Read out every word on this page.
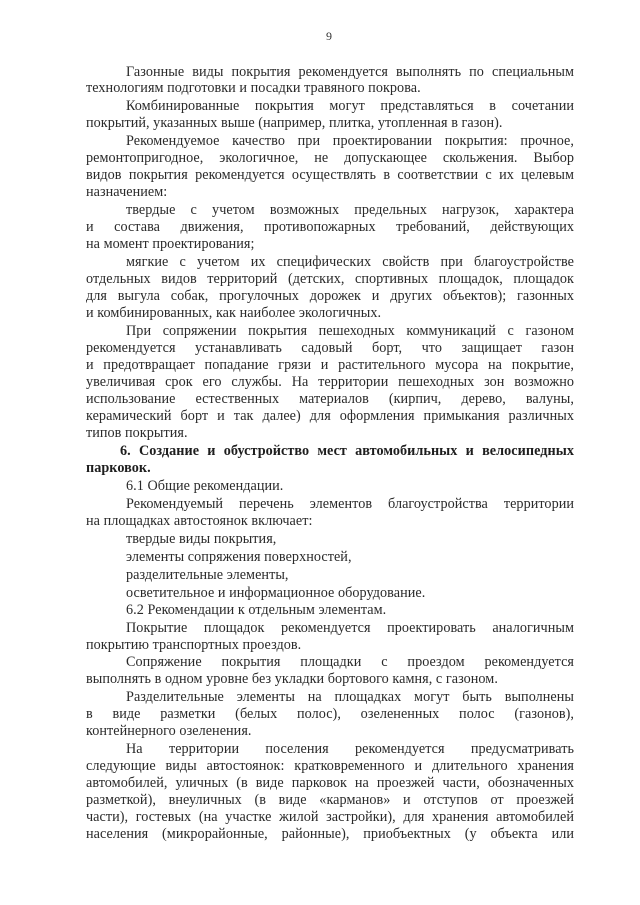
9
Газонные виды покрытия рекомендуется выполнять по специальным
технологиям подготовки и посадки травяного покрова.
Комбинированные покрытия могут представляться в сочетании
покрытий, указанных выше (например, плитка, утопленная в газон).
Рекомендуемое качество при проектировании покрытия: прочное,
ремонтопригодное, экологичное, не допускающее скольжения. Выбор
видов покрытия рекомендуется осуществлять в соответствии с их целевым
назначением:
твердые с учетом возможных предельных нагрузок, характера
и состава движения, противопожарных требований, действующих
на момент проектирования;
мягкие с учетом их специфических свойств при благоустройстве
отдельных видов территорий (детских, спортивных площадок, площадок
для выгула собак, прогулочных дорожек и других объектов); газонных
и комбинированных, как наиболее экологичных.
При сопряжении покрытия пешеходных коммуникаций с газоном
рекомендуется устанавливать садовый борт, что защищает газон
и предотвращает попадание грязи и растительного мусора на покрытие,
увеличивая срок его службы. На территории пешеходных зон возможно
использование естественных материалов (кирпич, дерево, валуны,
керамический борт и так далее) для оформления примыкания различных
типов покрытия.
6. Создание и обустройство мест автомобильных и велосипедных
парковок.
6.1 Общие рекомендации.
Рекомендуемый перечень элементов благоустройства территории
на площадках автостоянок включает:
твердые виды покрытия,
элементы сопряжения поверхностей,
разделительные элементы,
осветительное и информационное оборудование.
6.2 Рекомендации к отдельным элементам.
Покрытие площадок рекомендуется проектировать аналогичным
покрытию транспортных проездов.
Сопряжение покрытия площадки с проездом рекомендуется
выполнять в одном уровне без укладки бортового камня, с газоном.
Разделительные элементы на площадках могут быть выполнены
в виде разметки (белых полос), озелененных полос (газонов),
контейнерного озеленения.
На территории поселения рекомендуется предусматривать
следующие виды автостоянок: кратковременного и длительного хранения
автомобилей, уличных (в виде парковок на проезжей части, обозначенных
разметкой), внеуличных (в виде «карманов» и отступов от проезжей
части), гостевых (на участке жилой застройки), для хранения автомобилей
населения (микрорайонные, районные), приобъектных (у объекта или
